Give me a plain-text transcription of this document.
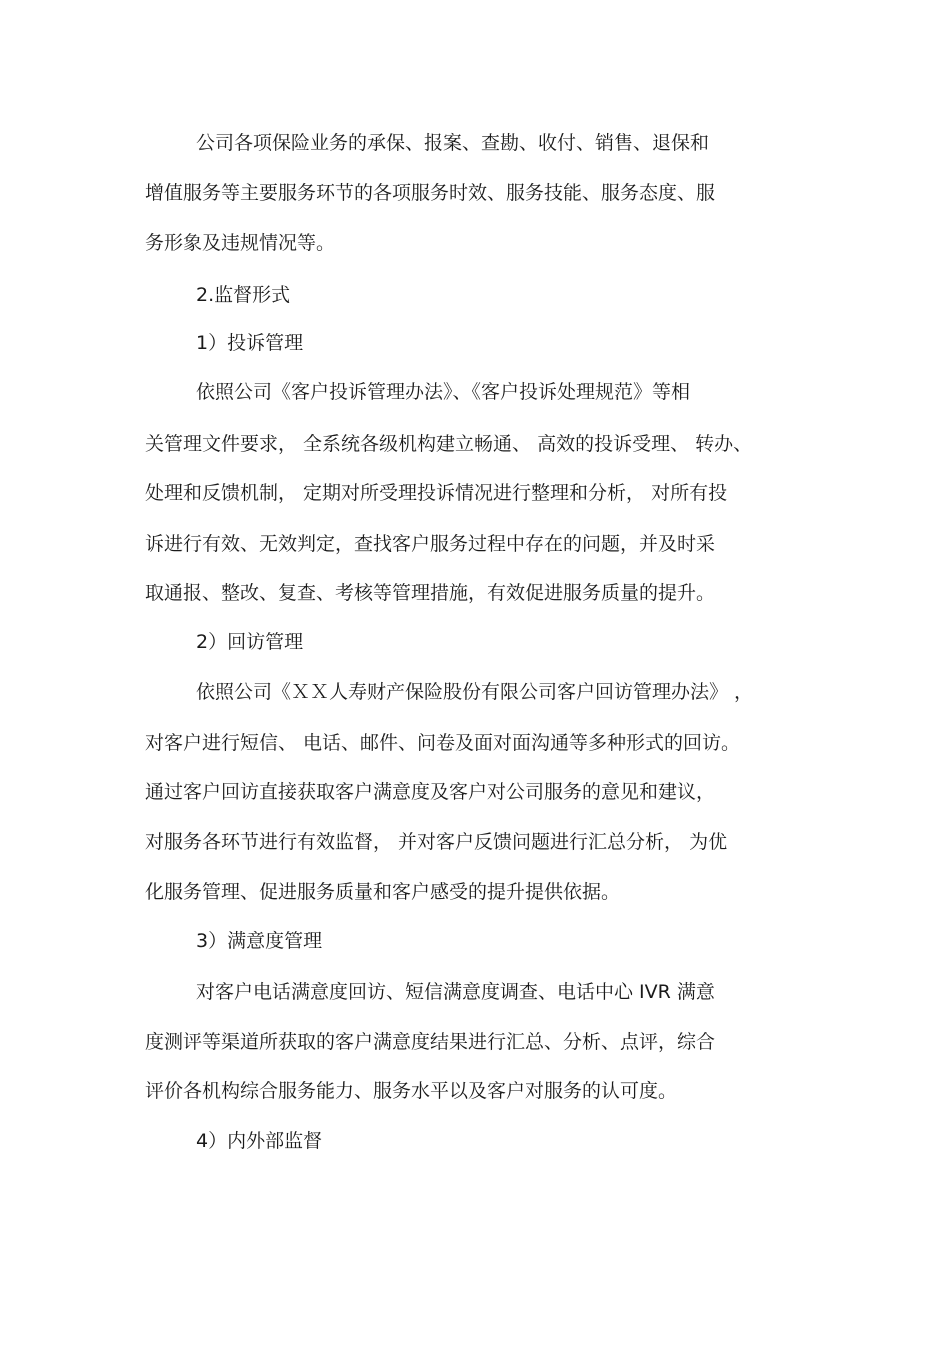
公司各项保险业务的承保、报案、查勘、收付、销售、退保和
增值服务等主要服务环节的各项服务时效、服务技能、服务态度、服
务形象及违规情况等。
2.监督形式
1）投诉管理
依照公司《客户投诉管理办法》、《客户投诉处理规范》等相
关管理文件要求， 全系统各级机构建立畅通、 高效的投诉受理、 转办、
处理和反馈机制， 定期对所受理投诉情况进行整理和分析， 对所有投
诉进行有效、无效判定，查找客户服务过程中存在的问题，并及时采
取通报、整改、复查、考核等管理措施，有效促进服务质量的提升。
2）回访管理
依照公司《ＸＸ人寿财产保险股份有限公司客户回访管理办法》 ，
对客户进行短信、 电话、邮件、问卷及面对面沟通等多种形式的回访。
通过客户回访直接获取客户满意度及客户对公司服务的意见和建议，
对服务各环节进行有效监督， 并对客户反馈问题进行汇总分析， 为优
化服务管理、促进服务质量和客户感受的提升提供依据。
3）满意度管理
对客户电话满意度回访、短信满意度调查、电话中心 IVR 满意
度测评等渠道所获取的客户满意度结果进行汇总、分析、点评，综合
评价各机构综合服务能力、服务水平以及客户对服务的认可度。
4）内外部监督
